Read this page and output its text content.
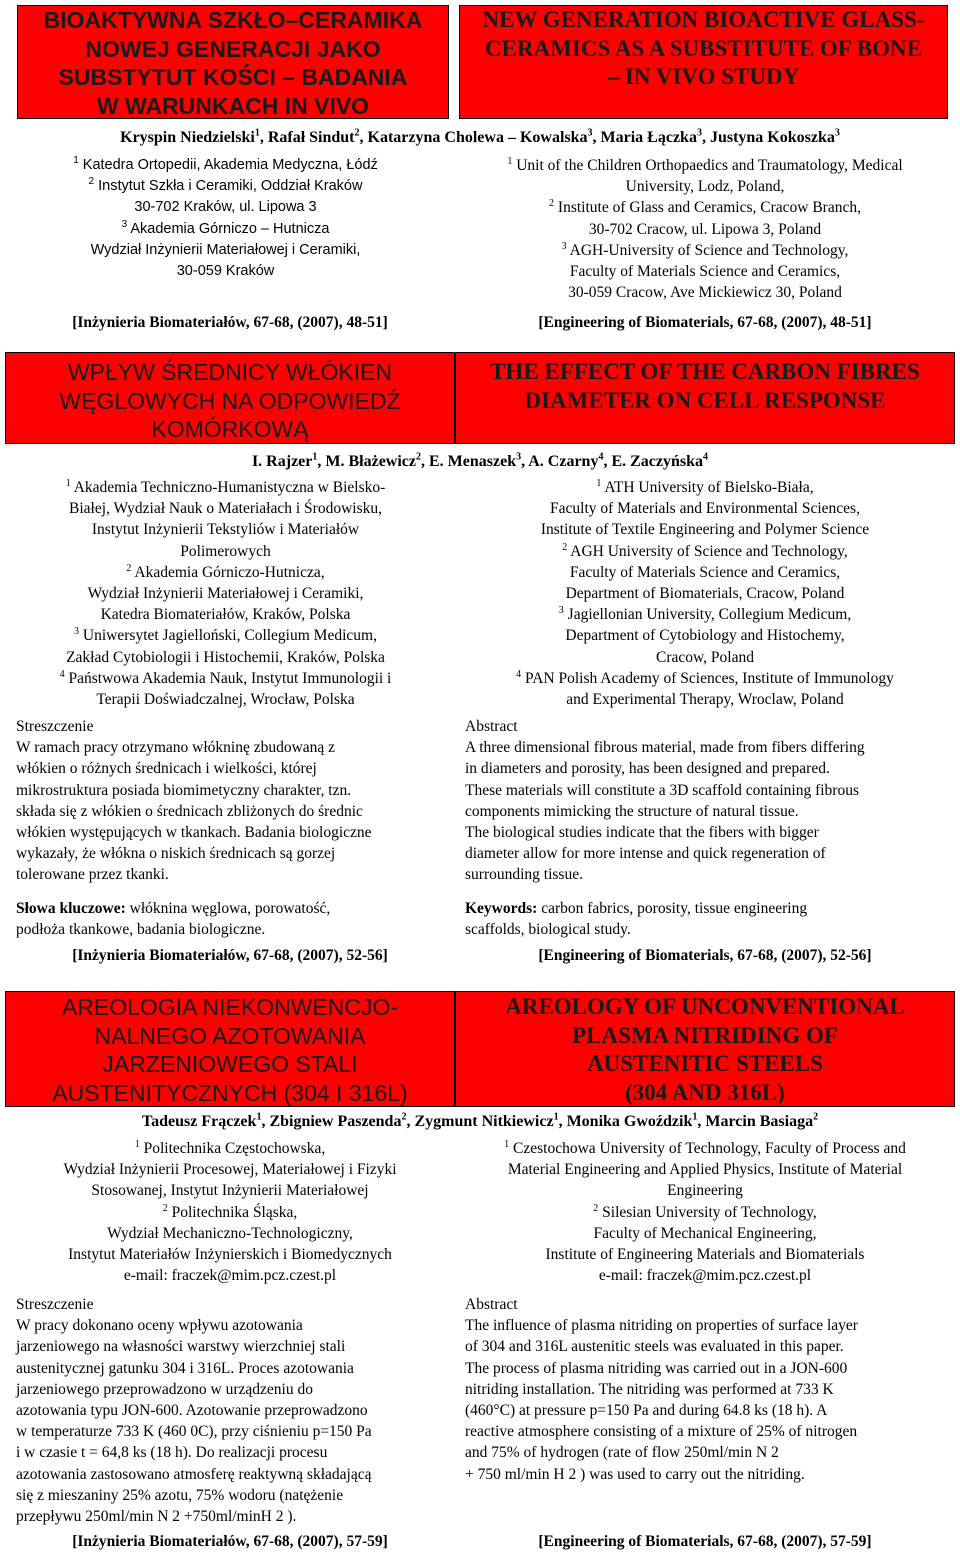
BIOAKTYWNA SZKŁO–CERAMIKA
NOWEJ GENERACJI JAKO
SUBSTYTUT KOŚCI – BADANIA
W WARUNKACH IN VIVO
NEW GENERATION BIOACTIVE GLASS-
CERAMICS AS A SUBSTITUTE OF BONE
– IN VIVO STUDY
Kryspin Niedzielski$^1$, Rafał Sindut$^2$, Katarzyna Cholewa – Kowalska$^3$, Maria Łączka$^3$, Justyna Kokoszka$^3$
$^1$ Katedra Ortopedii, Akademia Medyczna, Łódź
$^2$ Instytut Szkła i Ceramiki, Oddział Kraków
30-702 Kraków, ul. Lipowa 3
$^3$ Akademia Górniczo – Hutnicza
Wydział Inżynierii Materiałowej i Ceramiki,
30-059 Kraków
$^1$ Unit of the Children Orthopaedics and Traumatology, Medical
University, Lodz, Poland,
$^2$ Institute of Glass and Ceramics, Cracow Branch,
30-702 Cracow, ul. Lipowa 3, Poland
$^3$ AGH-University of Science and Technology,
Faculty of Materials Science and Ceramics,
30-059 Cracow, Ave Mickiewicz 30, Poland
[Inżynieria Biomateriałów, 67-68, (2007), 48-51]	[Engineering of Biomaterials, 67-68, (2007), 48-51]
WPŁYW ŚREDNICY WŁÓKIEN
WĘGLOWYCH NA ODPOWIEDŹ
KOMÓRKOWĄ
THE EFFECT OF THE CARBON FIBRES
DIAMETER ON CELL RESPONSE
I. Rajzer$^1$, M. Błażewicz$^2$, E. Menaszek$^3$, A. Czarny$^4$, E. Zaczyńska$^4$
$^1$ Akademia Techniczno-Humanistyczna w Bielsko-
Białej, Wydział Nauk o Materiałach i Środowisku,
Instytut Inżynierii Tekstyliów i Materiałów
Polimerowych
$^2$ Akademia Górniczo-Hutnicza,
Wydział Inżynierii Materiałowej i Ceramiki,
Katedra Biomateriałów, Kraków, Polska
$^3$ Uniwersytet Jagielloński, Collegium Medicum,
Zakład Cytobiologii i Histochemii, Kraków, Polska
$^4$ Państwowa Akademia Nauk, Instytut Immunologii i
Terapii Doświadczalnej, Wrocław, Polska
$^1$ ATH University of Bielsko-Biała,
Faculty of Materials and Environmental Sciences,
Institute of Textile Engineering and Polymer Science
$^2$ AGH University of Science and Technology,
Faculty of Materials Science and Ceramics,
Department of Biomaterials, Cracow, Poland
$^3$ Jagiellonian University, Collegium Medicum,
Department of Cytobiology and Histochemy,
Cracow, Poland
$^4$ PAN Polish Academy of Sciences, Institute of Immunology
and Experimental Therapy, Wroclaw, Poland
Streszczenie
W ramach pracy otrzymano włókninę zbudowaną z
włókien o różnych średnicach i wielkości, której
mikrostruktura posiada biomimetyczny charakter, tzn.
składa się z włókien o średnicach zbliżonych do średnic
włókien występujących w tkankach. Badania biologiczne
wykazały, że włókna o niskich średnicach są gorzej
tolerowane przez tkanki.
Słowa kluczowe: włóknina węglowa, porowatość,
podłoża tkankowe, badania biologiczne.
Abstract
A three dimensional fibrous material, made from fibers differing
in diameters and porosity, has been designed and prepared.
These materials will constitute a 3D scaffold containing fibrous
components mimicking the structure of natural tissue.
The biological studies indicate that the fibers with bigger
diameter allow for more intense and quick regeneration of
surrounding tissue.
Keywords: carbon fabrics, porosity, tissue engineering
scaffolds, biological study.
[Inżynieria Biomateriałów, 67-68, (2007), 52-56]	[Engineering of Biomaterials, 67-68, (2007), 52-56]
AREOLOGIA NIEKONWENCJO-
NALNEGO AZOTOWANIA
JARZENIOWEGO STALI
AUSTENITYCZNYCH (304 I 316L)
AREOLOGY OF UNCONVENTIONAL
PLASMA NITRIDING OF
AUSTENITIC STEELS
(304 AND 316L)
Tadeusz Frączek$^1$, Zbigniew Paszenda$^2$, Zygmunt Nitkiewicz$^1$, Monika Gwoździk$^1$, Marcin Basiaga$^2$
$^1$ Politechnika Częstochowska,
Wydział Inżynierii Procesowej, Materiałowej i Fizyki
Stosowanej, Instytut Inżynierii Materiałowej
$^2$ Politechnika Śląska,
Wydział Mechaniczno-Technologiczny,
Instytut Materiałów Inżynierskich i Biomedycznych
e-mail: fraczek@mim.pcz.czest.pl
$^1$ Czestochowa University of Technology, Faculty of Process and
Material Engineering and Applied Physics, Institute of Material
Engineering
$^2$ Silesian University of Technology,
Faculty of Mechanical Engineering,
Institute of Engineering Materials and Biomaterials
e-mail: fraczek@mim.pcz.czest.pl
Streszczenie
W pracy dokonano oceny wpływu azotowania
jarzeniowego na własności warstwy wierzchniej stali
austenitycznej gatunku 304 i 316L. Proces azotowania
jarzeniowego przeprowadzono w urządzeniu do
azotowania typu JON-600. Azotowanie przeprowadzono
w temperaturze 733 K (460 0C), przy ciśnieniu p=150 Pa
i w czasie t = 64,8 ks (18 h). Do realizacji procesu
azotowania zastosowano atmosferę reaktywną składającą
się z mieszaniny 25% azotu, 75% wodoru (natężenie
przepływu 250ml/min N 2 +750ml/minH 2 ).
Abstract
The influence of plasma nitriding on properties of surface layer
of 304 and 316L austenitic steels was evaluated in this paper.
The process of plasma nitriding was carried out in a JON-600
nitriding installation. The nitriding was performed at 733 K
(460°C) at pressure p=150 Pa and during 64.8 ks (18 h). A
reactive atmosphere consisting of a mixture of 25% of nitrogen
and 75% of hydrogen (rate of flow 250ml/min N 2
+ 750 ml/min H 2 ) was used to carry out the nitriding.
[Inżynieria Biomateriałów, 67-68, (2007), 57-59]	[Engineering of Biomaterials, 67-68, (2007), 57-59]
